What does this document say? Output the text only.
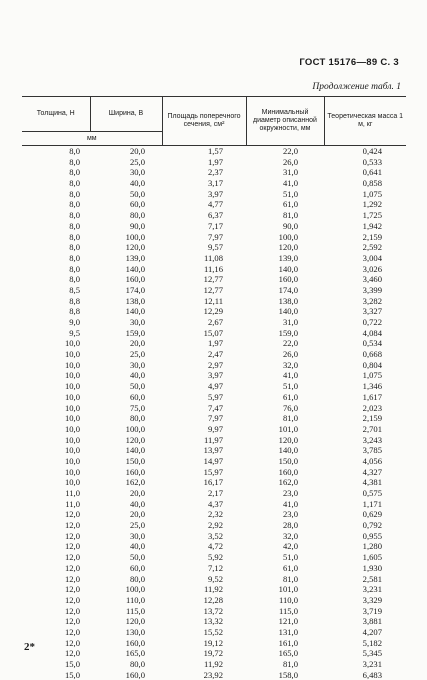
ГОСТ 15176—89 С. 3
Продолжение табл. 1
Толщина, H	Ширина, B	Площадь поперечного сечения, см²	Минимальный диаметр описанной окружности, мм	Теоретическая масса 1 м, кг
мм				
8,0	20,0	1,57	22,0	0,424
8,0	25,0	1,97	26,0	0,533
8,0	30,0	2,37	31,0	0,641
8,0	40,0	3,17	41,0	0,858
8,0	50,0	3,97	51,0	1,075
8,0	60,0	4,77	61,0	1,292
8,0	80,0	6,37	81,0	1,725
8,0	90,0	7,17	90,0	1,942
8,0	100,0	7,97	100,0	2,159
8,0	120,0	9,57	120,0	2,592
8,0	139,0	11,08	139,0	3,004
8,0	140,0	11,16	140,0	3,026
8,0	160,0	12,77	160,0	3,460
8,5	174,0	12,77	174,0	3,399
8,8	138,0	12,11	138,0	3,282
8,8	140,0	12,29	140,0	3,327
9,0	30,0	2,67	31,0	0,722
9,5	159,0	15,07	159,0	4,084
10,0	20,0	1,97	22,0	0,534
10,0	25,0	2,47	26,0	0,668
10,0	30,0	2,97	32,0	0,804
10,0	40,0	3,97	41,0	1,075
10,0	50,0	4,97	51,0	1,346
10,0	60,0	5,97	61,0	1,617
10,0	75,0	7,47	76,0	2,023
10,0	80,0	7,97	81,0	2,159
10,0	100,0	9,97	101,0	2,701
10,0	120,0	11,97	120,0	3,243
10,0	140,0	13,97	140,0	3,785
10,0	150,0	14,97	150,0	4,056
10,0	160,0	15,97	160,0	4,327
10,0	162,0	16,17	162,0	4,381
11,0	20,0	2,17	23,0	0,575
11,0	40,0	4,37	41,0	1,171
12,0	20,0	2,32	23,0	0,629
12,0	25,0	2,92	28,0	0,792
12,0	30,0	3,52	32,0	0,955
12,0	40,0	4,72	42,0	1,280
12,0	50,0	5,92	51,0	1,605
12,0	60,0	7,12	61,0	1,930
12,0	80,0	9,52	81,0	2,581
12,0	100,0	11,92	101,0	3,231
12,0	110,0	12,28	110,0	3,329
12,0	115,0	13,72	115,0	3,719
12,0	120,0	13,32	121,0	3,881
12,0	130,0	15,52	131,0	4,207
12,0	160,0	19,12	161,0	5,182
12,0	165,0	19,72	165,0	5,345
15,0	80,0	11,92	81,0	3,231
15,0	160,0	23,92	158,0	6,483
2*
